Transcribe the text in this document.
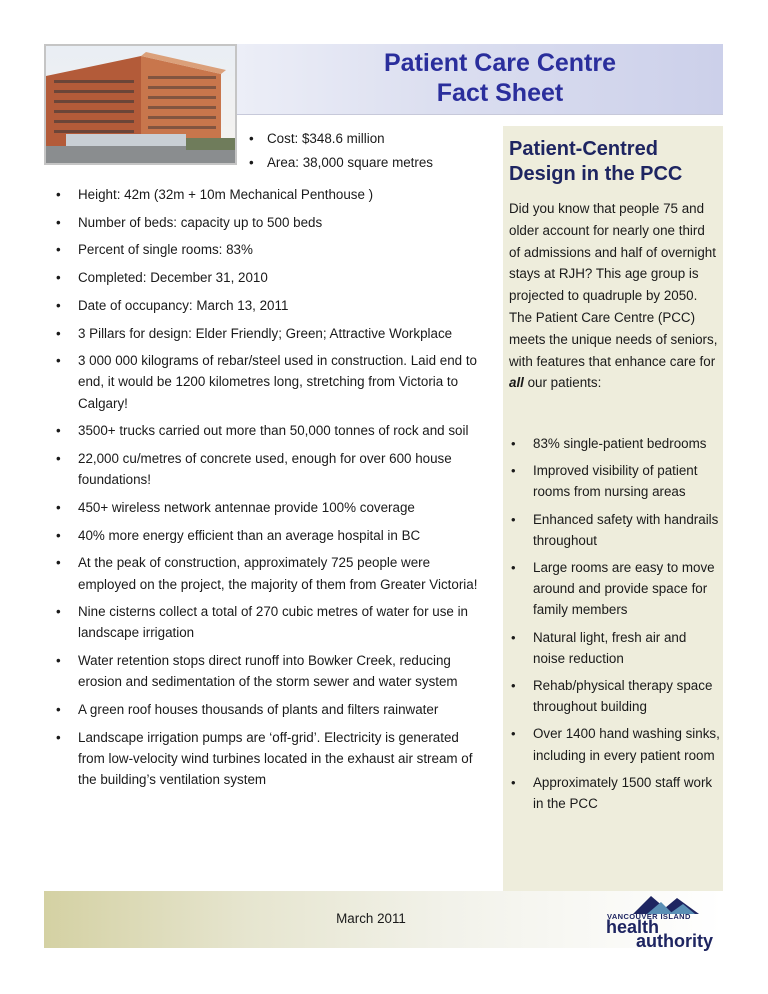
Patient Care Centre
Fact Sheet
• Cost: $348.6 million
• Area: 38,000 square metres
• Height: 42m (32m + 10m Mechanical Penthouse )
• Number of beds: capacity up to 500 beds
• Percent of single rooms: 83%
• Completed: December 31, 2010
• Date of occupancy: March 13, 2011
• 3 Pillars for design: Elder Friendly; Green; Attractive Workplace
• 3 000 000 kilograms of rebar/steel used in construction. Laid end to end, it would be 1200 kilometres long, stretching from Victoria to Calgary!
• 3500+ trucks carried out more than 50,000 tonnes of rock and soil
• 22,000 cu/metres of concrete used, enough for over 600 house foundations!
• 450+ wireless network antennae provide 100% coverage
• 40% more energy efficient than an average hospital in BC
• At the peak of construction, approximately 725 people were employed on the project, the majority of them from Greater Victoria!
• Nine cisterns collect a total of 270 cubic metres of water for use in landscape irrigation
• Water retention stops direct runoff into Bowker Creek, reducing erosion and sedimentation of the storm sewer and water system
• A green roof houses thousands of plants and filters rainwater
• Landscape irrigation pumps are ‘off-grid’. Electricity is generated from low-velocity wind turbines located in the exhaust air stream of the building’s ventilation system
Patient-Centred Design in the PCC
Did you know that people 75 and older account for nearly one third of admissions and half of overnight stays at RJH? This age group is projected to quadruple by 2050. The Patient Care Centre (PCC) meets the unique needs of seniors, with features that enhance care for all our patients:
• 83% single-patient bedrooms
• Improved visibility of patient rooms from nursing areas
• Enhanced safety with handrails throughout
• Large rooms are easy to move around and provide space for family members
• Natural light, fresh air and noise reduction
• Rehab/physical therapy space throughout building
• Over 1400 hand washing sinks, including in every patient room
• Approximately 1500 staff work in the PCC
March 2011	VANCOUVER ISLAND
health
authority
